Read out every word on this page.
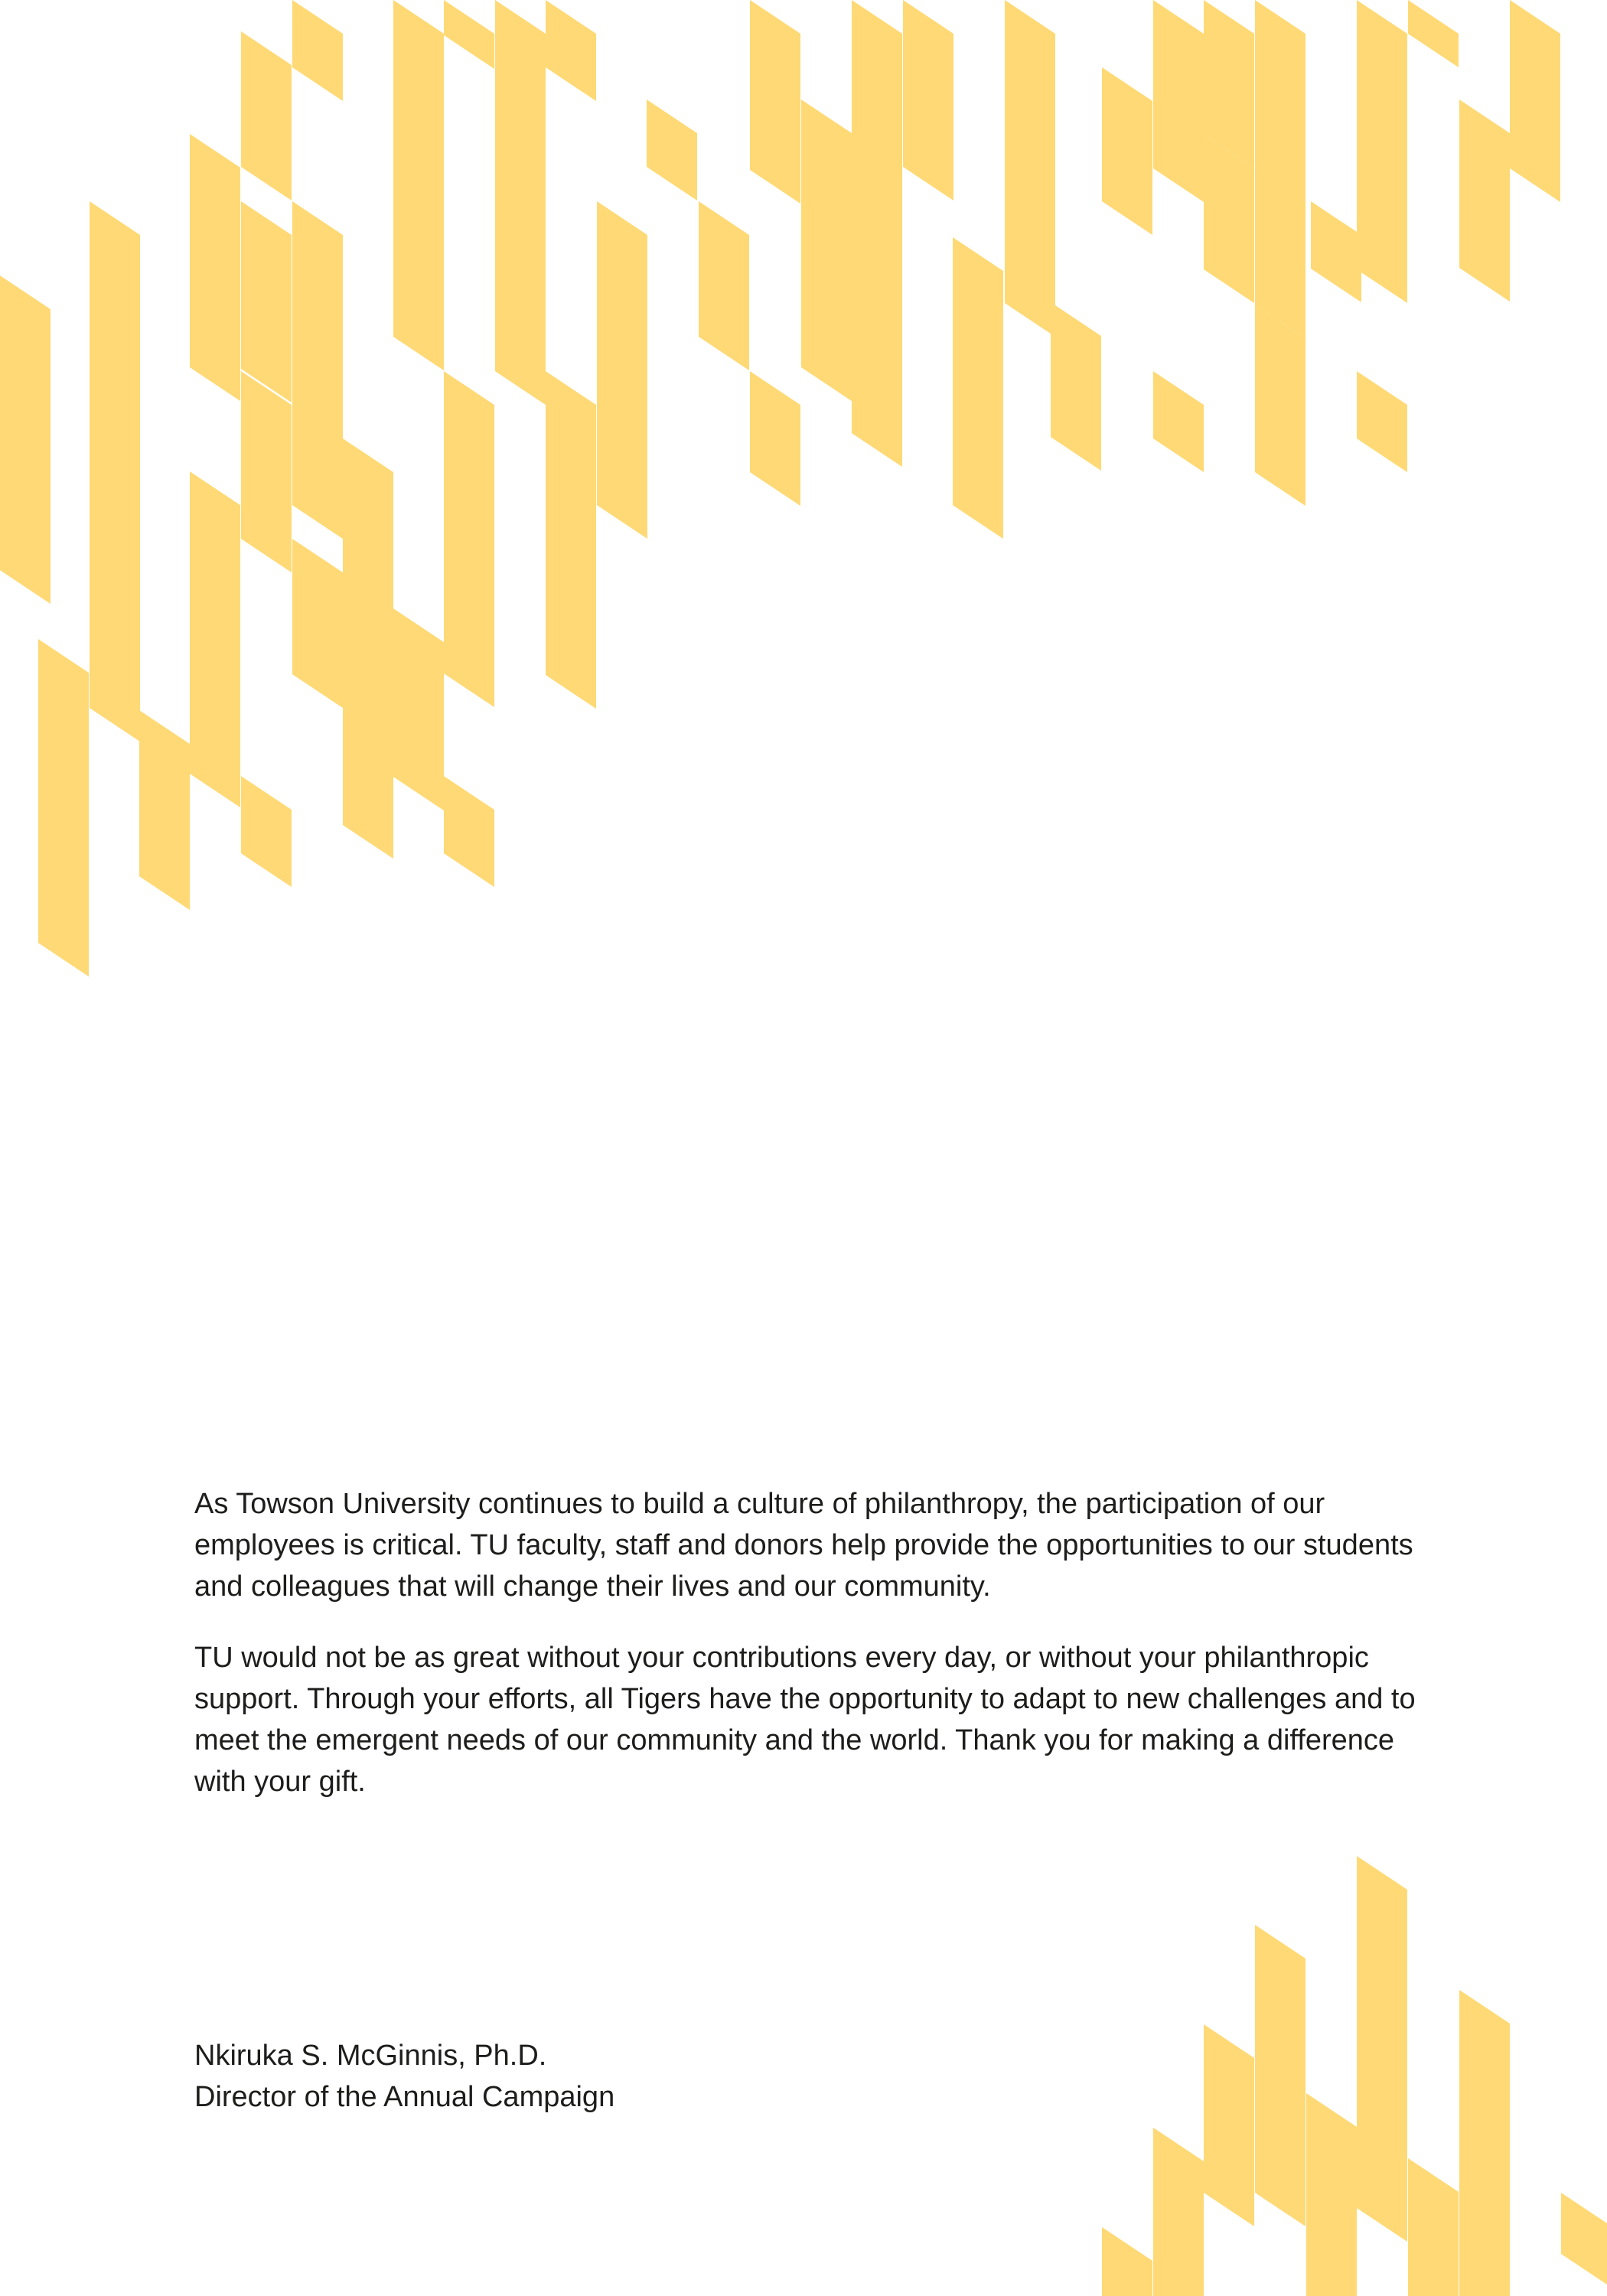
As Towson University continues to build a culture of philanthropy, the participation of our employees is critical. TU faculty, staff and donors help provide the opportunities to our students and colleagues that will change their lives and our community.

TU would not be as great without your contributions every day, or without your philanthropic support. Through your efforts, all Tigers have the opportunity to adapt to new challenges and to meet the emergent needs of our community and the world. Thank you for making a difference with your gift.

Nkiruka S. McGinnis, Ph.D.
Director of the Annual Campaign
